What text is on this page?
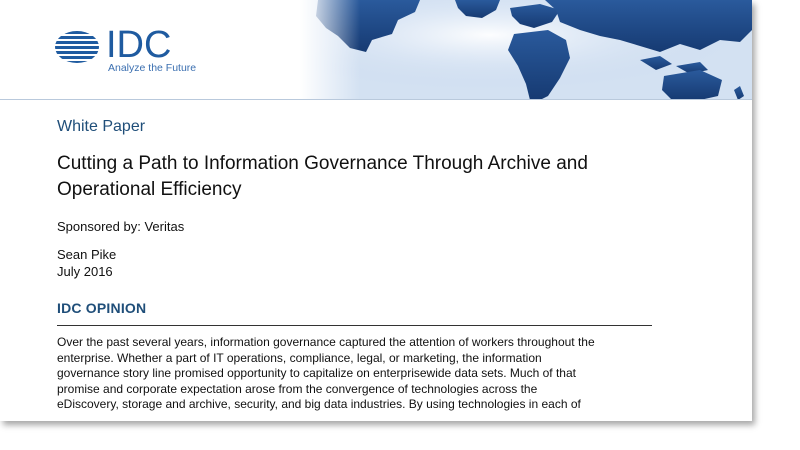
IDC
Analyze the Future
White Paper
Cutting a Path to Information Governance Through Archive and
Operational Efficiency
Sponsored by: Veritas
Sean Pike
July 2016
IDC OPINION
Over the past several years, information governance captured the attention of workers throughout the
enterprise. Whether a part of IT operations, compliance, legal, or marketing, the information
governance story line promised opportunity to capitalize on enterprisewide data sets. Much of that
promise and corporate expectation arose from the convergence of technologies across the
eDiscovery, storage and archive, security, and big data industries. By using technologies in each of
